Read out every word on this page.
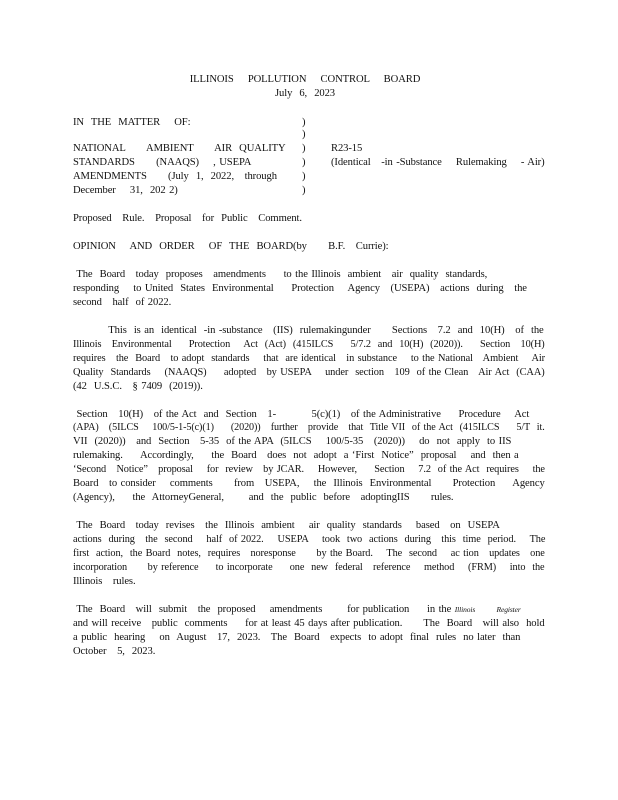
ILLINOIS    POLLUTION    CONTROL    BOARD
July  6,  2023
IN  THE  MATTER    OF:	)
)
)
)
)
)
NATIONAL      AMBIENT      AIR  QUALITY
STANDARDS      (NAAQS)    , USEPA
AMENDMENTS      (July  1,  2022,   through
December    31,  202 2)
R23-15
(Identical   -in -Substance    Rulemaking    - Air)
Proposed   Rule.   Proposal   for  Public   Comment.
OPINION    AND  ORDER    OF  THE  BOARD(by      B.F.   Currie):
The  Board   today  proposes   amendments     to the Illinois  ambient   air  quality  standards,
responding    to United  States  Environmental     Protection    Agency   (USEPA)   actions  during   the
second   half  of 2022.
This  is an  identical  -in -substance   (IIS)  rulemakingunder      Sections   7.2  and  10(H)   of  the
Illinois   Environmental     Protection    Act  (Act)  (415ILCS     5/7.2  and  10(H)  (2020)).     Section   10(H)
requires   the  Board   to adopt  standards    that  are identical   in substance    to the National   Ambient    Air
Quality  Standards    (NAAQS)     adopted   by USEPA    under  section   109  of the Clean   Air Act  (CAA)
(42  U.S.C.   § 7409  (2019)).
Section   10(H)   of the Act  and  Section   1-          5(c)(1)   of the Administrative     Procedure    Act
(APA)   (5ILCS    100/5-1-5(c)(1)     (2020))   further   provide   that  Title VII  of the Act  (415ILCS     5/T  it.
VII  (2020))   and  Section   5-35  of the APA  (5ILCS    100/5-35   (2020))    do  not  apply  to IIS
rulemaking.     Accordingly,     the  Board   does  not  adopt  a ‘First  Notice”  proposal    and  then a
‘Second   Notice”   proposal    for  review   by JCAR.    However,     Section    7.2  of the Act  requires    the
Board   to consider    comments      from   USEPA,    the  Illinois  Environmental      Protection     Agency
(Agency),     the  AttorneyGeneral,       and  the  public  before   adoptingIIS      rules.
The  Board   today  revises   the  Illinois  ambient    air  quality  standards    based   on  USEPA
actions  during   the  second    half  of 2022.    USEPA    took  two  actions  during   this  time  period.    The
first  action,  the Board  notes,  requires   noresponse      by the Board.    The  second    ac tion   updates   one
incorporation      by reference     to incorporate     one  new  federal   reference    method    (FRM)    into  the
Illinois   rules.
The  Board   will  submit   the  proposed    amendments       for publication     in the Illinois	Register
and will receive   public  comments     for at least 45 days after publication.      The  Board   will also  hold
a public  hearing    on  August   17,  2023.   The  Board   expects  to adopt  final  rules  no later  than
October   5,  2023.
